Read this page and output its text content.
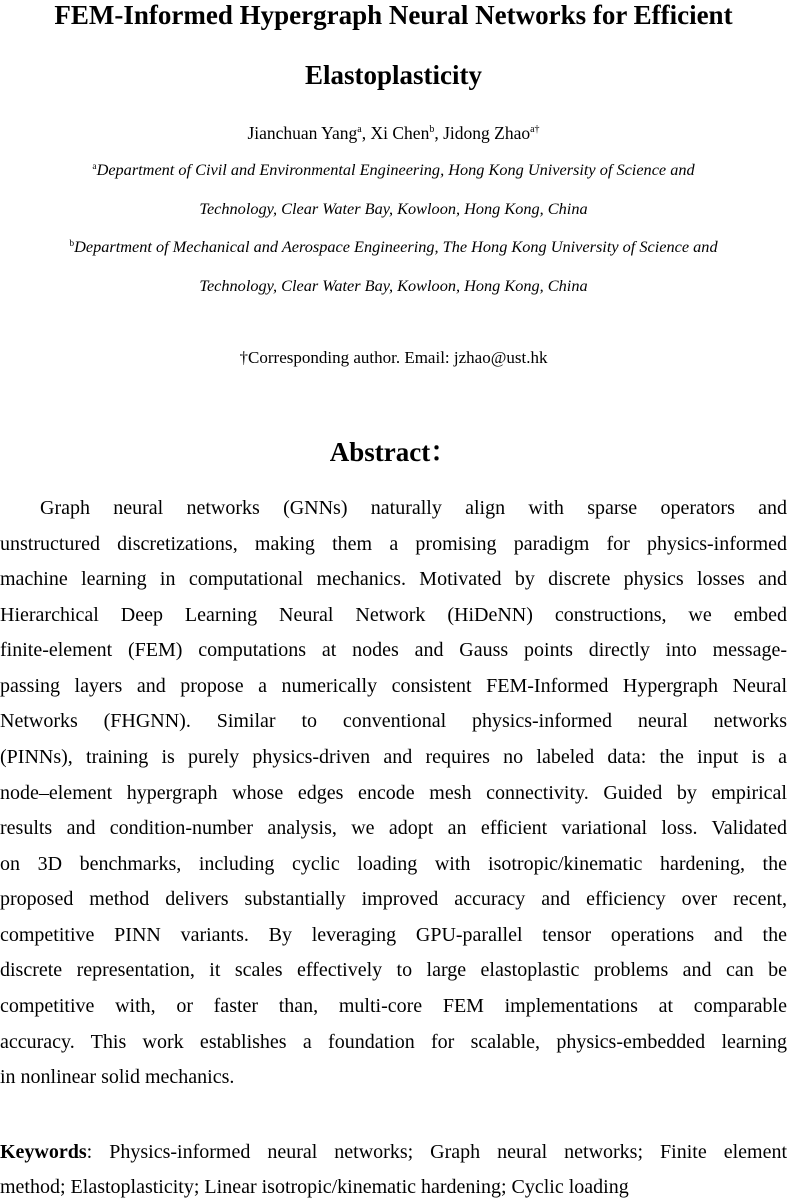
FEM-Informed Hypergraph Neural Networks for Efficient
Elastoplasticity
Jianchuan Yang$^a$, Xi Chen$^b$, Jidong Zhao$^{a\dagger}$
$^a$Department of Civil and Environmental Engineering, Hong Kong University of Science and
Technology, Clear Water Bay, Kowloon, Hong Kong, China
$^b$Department of Mechanical and Aerospace Engineering, The Hong Kong University of Science and
Technology, Clear Water Bay, Kowloon, Hong Kong, China
†Corresponding author. Email: jzhao@ust.hk
Abstract：
Graph neural networks (GNNs) naturally align with sparse operators and
unstructured discretizations, making them a promising paradigm for physics-informed
machine learning in computational mechanics. Motivated by discrete physics losses and
Hierarchical Deep Learning Neural Network (HiDeNN) constructions, we embed
finite-element (FEM) computations at nodes and Gauss points directly into message-
passing layers and propose a numerically consistent FEM-Informed Hypergraph Neural
Networks (FHGNN). Similar to conventional physics-informed neural networks
(PINNs), training is purely physics-driven and requires no labeled data: the input is a
node–element hypergraph whose edges encode mesh connectivity. Guided by empirical
results and condition-number analysis, we adopt an efficient variational loss. Validated
on 3D benchmarks, including cyclic loading with isotropic/kinematic hardening, the
proposed method delivers substantially improved accuracy and efficiency over recent,
competitive PINN variants. By leveraging GPU-parallel tensor operations and the
discrete representation, it scales effectively to large elastoplastic problems and can be
competitive with, or faster than, multi-core FEM implementations at comparable
accuracy. This work establishes a foundation for scalable, physics-embedded learning
in nonlinear solid mechanics.
Keywords: Physics-informed neural networks; Graph neural networks; Finite element
method; Elastoplasticity; Linear isotropic/kinematic hardening; Cyclic loading
